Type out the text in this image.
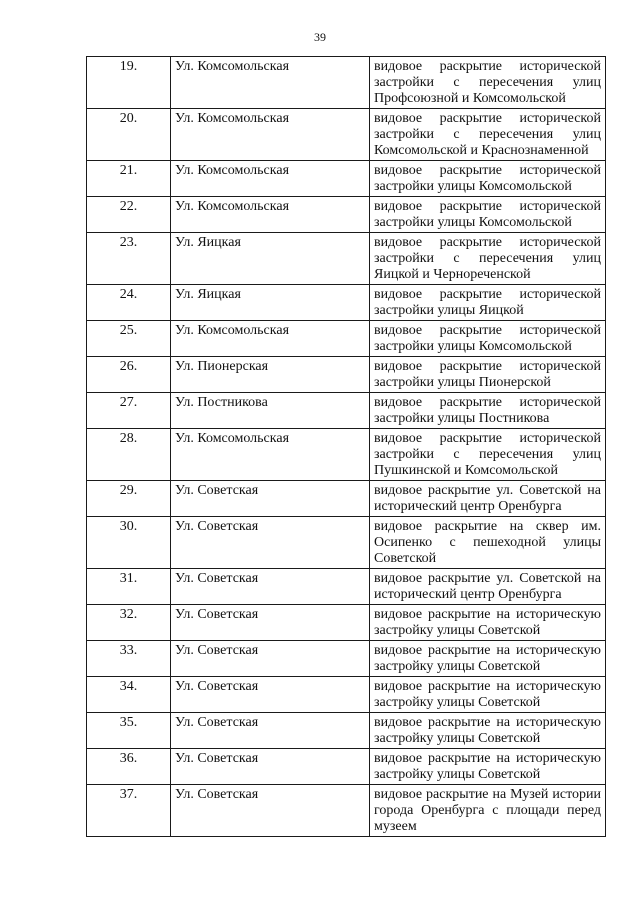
39
19.	Ул. Комсомольская	видовое раскрытие исторической застройки с пересечения улиц Профсоюзной и Комсомольской
20.	Ул. Комсомольская	видовое раскрытие исторической застройки с пересечения улиц Комсомольской и Краснознаменной
21.	Ул. Комсомольская	видовое раскрытие исторической застройки улицы Комсомольской
22.	Ул. Комсомольская	видовое раскрытие исторической застройки улицы Комсомольской
23.	Ул. Яицкая	видовое раскрытие исторической застройки с пересечения улиц Яицкой и Чернореченской
24.	Ул. Яицкая	видовое раскрытие исторической застройки улицы Яицкой
25.	Ул. Комсомольская	видовое раскрытие исторической застройки улицы Комсомольской
26.	Ул. Пионерская	видовое раскрытие исторической застройки улицы Пионерской
27.	Ул. Постникова	видовое раскрытие исторической застройки улицы Постникова
28.	Ул. Комсомольская	видовое раскрытие исторической застройки с пересечения улиц Пушкинской и Комсомольской
29.	Ул. Советская	видовое раскрытие ул. Советской на исторический центр Оренбурга
30.	Ул. Советская	видовое раскрытие на сквер им. Осипенко с пешеходной улицы Советской
31.	Ул. Советская	видовое раскрытие ул. Советской на исторический центр Оренбурга
32.	Ул. Советская	видовое раскрытие на историческую застройку улицы Советской
33.	Ул. Советская	видовое раскрытие на историческую застройку улицы Советской
34.	Ул. Советская	видовое раскрытие на историческую застройку улицы Советской
35.	Ул. Советская	видовое раскрытие на историческую застройку улицы Советской
36.	Ул. Советская	видовое раскрытие на историческую застройку улицы Советской
37.	Ул. Советская	видовое раскрытие на Музей истории города Оренбурга с площади перед музеем
